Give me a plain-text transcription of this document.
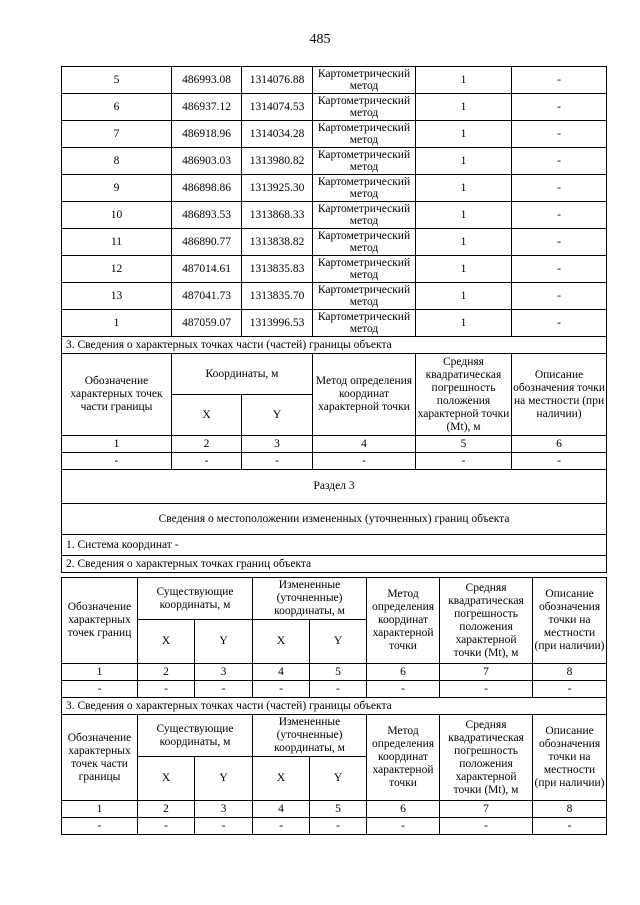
485
5	486993.08	1314076.88	Картометрический метод	1	-
6	486937.12	1314074.53	Картометрический метод	1	-
7	486918.96	1314034.28	Картометрический метод	1	-
8	486903.03	1313980.82	Картометрический метод	1	-
9	486898.86	1313925.30	Картометрический метод	1	-
10	486893.53	1313868.33	Картометрический метод	1	-
11	486890.77	1313838.82	Картометрический метод	1	-
12	487014.61	1313835.83	Картометрический метод	1	-
13	487041.73	1313835.70	Картометрический метод	1	-
1	487059.07	1313996.53	Картометрический метод	1	-
3. Сведения о характерных точках части (частей) границы объекта					
Обозначение характерных точек части границы	Координаты, м		Метод определения координат характерной точки	Средняя квадратическая погрешность положения характерной точки (Mt), м	Описание обозначения точки на местности (при наличии)
	X	Y			
1	2	3	4	5	6
-	-	-	-	-	-
Раздел 3					
Сведения о местоположении измененных (уточненных) границ объекта					
1. Система координат -					
2. Сведения о характерных точках границ объекта					
Обозначение характерных точек границ	Существующие координаты, м		Измененные (уточненные) координаты, м		Метод определения координат характерной точки	Средняя квадратическая погрешность положения характерной точки (Mt), м	Описание обозначения точки на местности (при наличии)
	X	Y	X	Y			
1	2	3	4	5	6	7	8
-	-	-	-	-	-	-	-
3. Сведения о характерных точках части (частей) границы объекта							
Обозначение характерных точек части границы	Существующие координаты, м		Измененные (уточненные) координаты, м		Метод определения координат характерной точки	Средняя квадратическая погрешность положения характерной точки (Mt), м	Описание обозначения точки на местности (при наличии)
	X	Y	X	Y			
1	2	3	4	5	6	7	8
-	-	-	-	-	-	-	-
